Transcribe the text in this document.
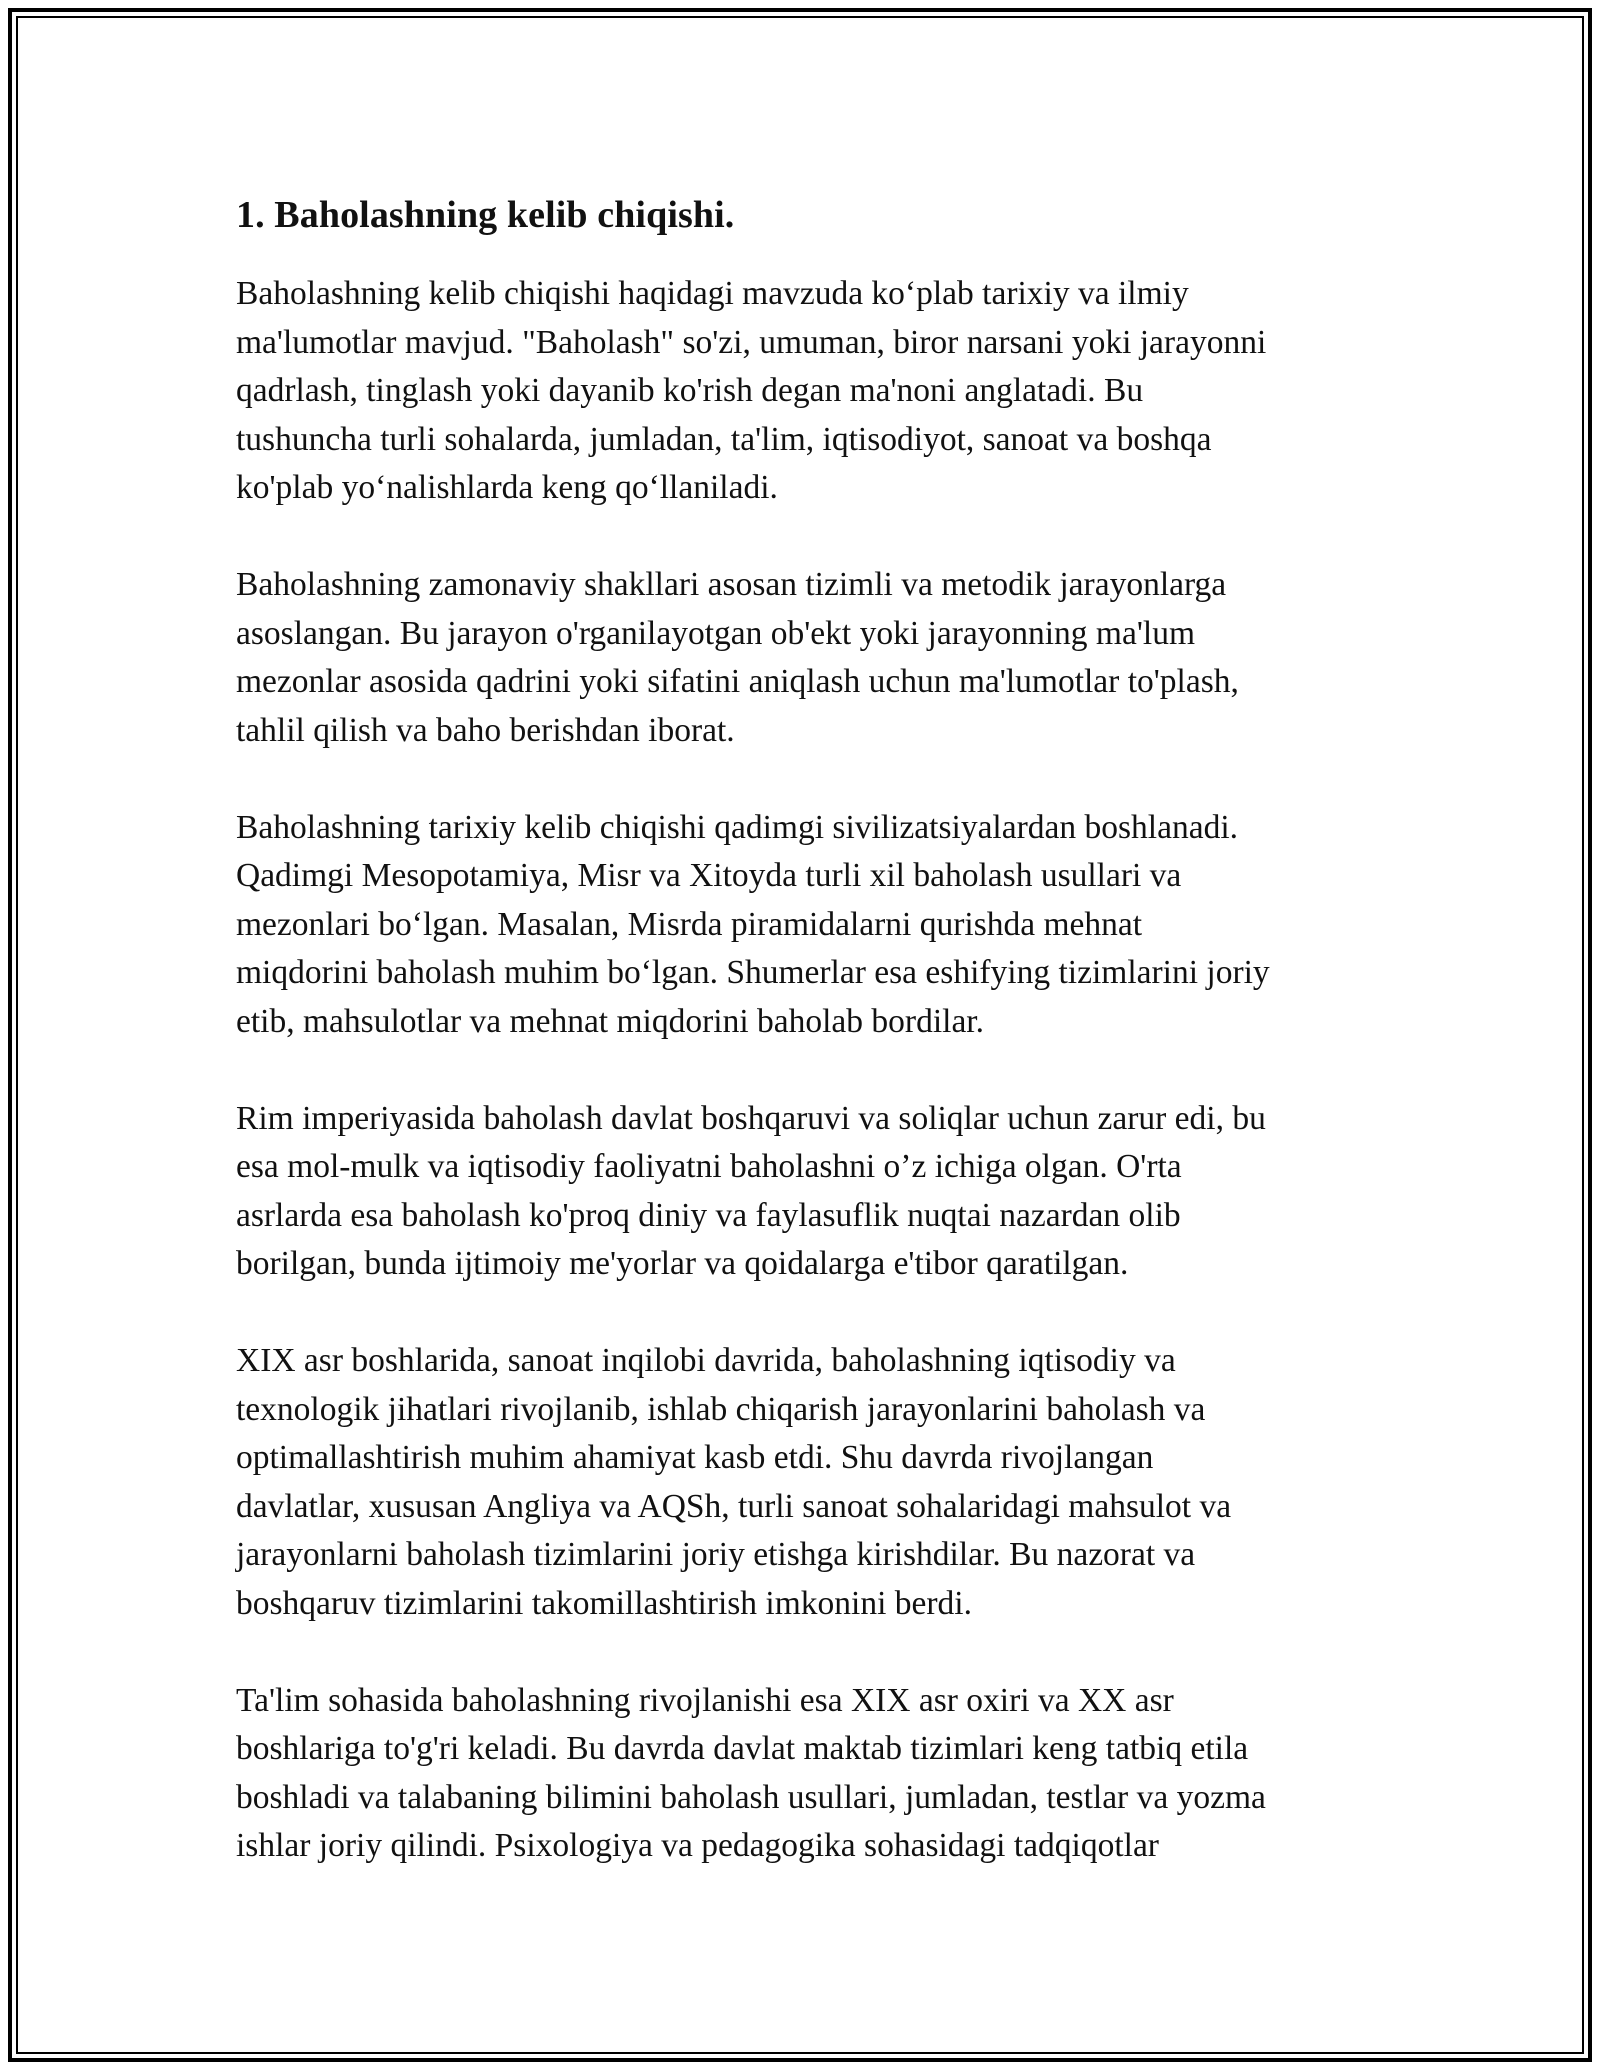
1. Baholashning kelib chiqishi.

Baholashning kelib chiqishi haqidagi mavzuda ko‘plab tarixiy va ilmiy
ma'lumotlar mavjud. "Baholash" so'zi, umuman, biror narsani yoki jarayonni
qadrlash, tinglash yoki dayanib ko'rish degan ma'noni anglatadi. Bu
tushuncha turli sohalarda, jumladan, ta'lim, iqtisodiyot, sanoat va boshqa
ko'plab yo‘nalishlarda keng qo‘llaniladi.

Baholashning zamonaviy shakllari asosan tizimli va metodik jarayonlarga
asoslangan. Bu jarayon o'rganilayotgan ob'ekt yoki jarayonning ma'lum
mezonlar asosida qadrini yoki sifatini aniqlash uchun ma'lumotlar to'plash,
tahlil qilish va baho berishdan iborat.

Baholashning tarixiy kelib chiqishi qadimgi sivilizatsiyalardan boshlanadi.
Qadimgi Mesopotamiya, Misr va Xitoyda turli xil baholash usullari va
mezonlari bo‘lgan. Masalan, Misrda piramidalarni qurishda mehnat
miqdorini baholash muhim bo‘lgan. Shumerlar esa eshifying tizimlarini joriy
etib, mahsulotlar va mehnat miqdorini baholab bordilar.

Rim imperiyasida baholash davlat boshqaruvi va soliqlar uchun zarur edi, bu
esa mol-mulk va iqtisodiy faoliyatni baholashni o’z ichiga olgan. O'rta
asrlarda esa baholash ko'proq diniy va faylasuflik nuqtai nazardan olib
borilgan, bunda ijtimoiy me'yorlar va qoidalarga e'tibor qaratilgan.

XIX asr boshlarida, sanoat inqilobi davrida, baholashning iqtisodiy va
texnologik jihatlari rivojlanib, ishlab chiqarish jarayonlarini baholash va
optimallashtirish muhim ahamiyat kasb etdi. Shu davrda rivojlangan
davlatlar, xususan Angliya va AQSh, turli sanoat sohalaridagi mahsulot va
jarayonlarni baholash tizimlarini joriy etishga kirishdilar. Bu nazorat va
boshqaruv tizimlarini takomillashtirish imkonini berdi.

Ta'lim sohasida baholashning rivojlanishi esa XIX asr oxiri va XX asr
boshlariga to'g'ri keladi. Bu davrda davlat maktab tizimlari keng tatbiq etila
boshladi va talabaning bilimini baholash usullari, jumladan, testlar va yozma
ishlar joriy qilindi. Psixologiya va pedagogika sohasidagi tadqiqotlar
